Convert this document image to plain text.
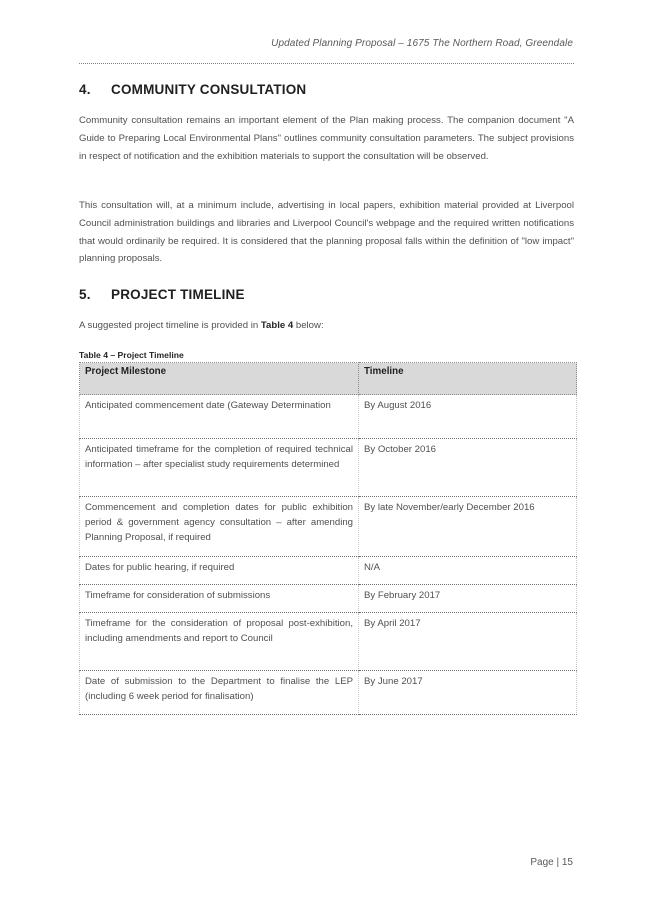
Updated Planning Proposal – 1675 The Northern Road, Greendale
4. COMMUNITY CONSULTATION

Community consultation remains an important element of the Plan making process. The companion document "A Guide to Preparing Local Environmental Plans" outlines community consultation parameters. The subject provisions in respect of notification and the exhibition materials to support the consultation will be observed.

This consultation will, at a minimum include, advertising in local papers, exhibition material provided at Liverpool Council administration buildings and libraries and Liverpool Council's webpage and the required written notifications that would ordinarily be required. It is considered that the planning proposal falls within the definition of "low impact" planning proposals.

5. PROJECT TIMELINE

A suggested project timeline is provided in Table 4 below:

Table 4 – Project Timeline
Project Milestone	Timeline
Anticipated commencement date (Gateway Determination	By August 2016
Anticipated timeframe for the completion of required technical information – after specialist study requirements determined	By October 2016
Commencement and completion dates for public exhibition period & government agency consultation – after amending Planning Proposal, if required	By late November/early December 2016
Dates for public hearing, if required	N/A
Timeframe for consideration of submissions	By February 2017
Timeframe for the consideration of proposal post-exhibition, including amendments and report to Council	By April 2017
Date of submission to the Department to finalise the LEP (including 6 week period for finalisation)	By June 2017
Page | 15
